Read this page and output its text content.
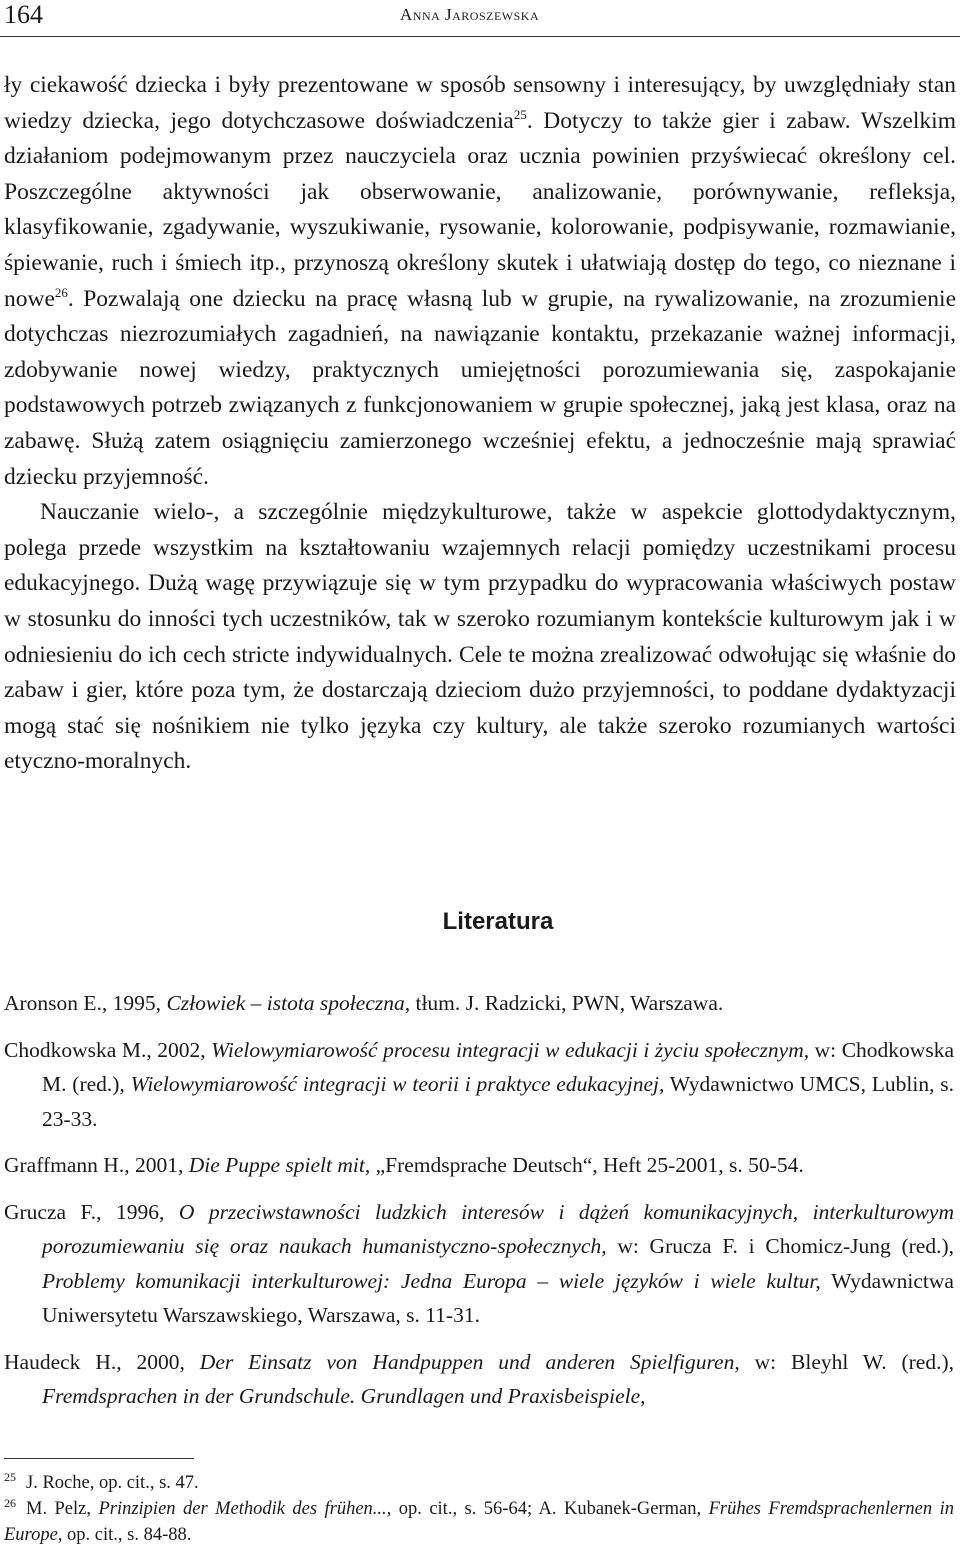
164	Anna Jaroszewska

ły ciekawość dziecka i były prezentowane w sposób sensowny i interesujący, by uwzględniały stan wiedzy dziecka, jego dotychczasowe doświadczenia$^{25}$. Dotyczy to także gier i zabaw. Wszelkim działaniom podejmowanym przez nauczyciela oraz ucznia powinien przyświecać określony cel. Poszczególne aktywności jak obserwowanie, analizowanie, porównywanie, refleksja, klasyfikowanie, zgadywanie, wyszukiwanie, rysowanie, kolorowanie, podpisywanie, rozmawianie, śpiewanie, ruch i śmiech itp., przynoszą określony skutek i ułatwiają dostęp do tego, co nieznane i nowe$^{26}$. Pozwalają one dziecku na pracę własną lub w grupie, na rywalizowanie, na zrozumienie dotychczas niezrozumiałych zagadnień, na nawiązanie kontaktu, przekazanie ważnej informacji, zdobywanie nowej wiedzy, praktycznych umiejętności porozumiewania się, zaspokajanie podstawowych potrzeb związanych z funkcjonowaniem w grupie społecznej, jaką jest klasa, oraz na zabawę. Służą zatem osiągnięciu zamierzonego wcześniej efektu, a jednocześnie mają sprawiać dziecku przyjemność.

Nauczanie wielo-, a szczególnie międzykulturowe, także w aspekcie glottodydaktycznym, polega przede wszystkim na kształtowaniu wzajemnych relacji pomiędzy uczestnikami procesu edukacyjnego. Dużą wagę przywiązuje się w tym przypadku do wypracowania właściwych postaw w stosunku do inności tych uczestników, tak w szeroko rozumianym kontekście kulturowym jak i w odniesieniu do ich cech stricte indywidualnych. Cele te można zrealizować odwołując się właśnie do zabaw i gier, które poza tym, że dostarczają dzieciom dużo przyjemności, to poddane dydaktyzacji mogą stać się nośnikiem nie tylko języka czy kultury, ale także szeroko rozumianych wartości etyczno-moralnych.

Literatura

Aronson E., 1995, Człowiek – istota społeczna, tłum. J. Radzicki, PWN, Warszawa.

Chodkowska M., 2002, Wielowymiarowość procesu integracji w edukacji i życiu społecznym, w: Chodkowska M. (red.), Wielowymiarowość integracji w teorii i praktyce edukacyjnej, Wydawnictwo UMCS, Lublin, s. 23-33.

Graffmann H., 2001, Die Puppe spielt mit, „Fremdsprache Deutsch“, Heft 25-2001, s. 50-54.

Grucza F., 1996, O przeciwstawności ludzkich interesów i dążeń komunikacyjnych, interkulturowym porozumiewaniu się oraz naukach humanistyczno-społecznych, w: Grucza F. i Chomicz-Jung (red.), Problemy komunikacji interkulturowej: Jedna Europa – wiele języków i wiele kultur, Wydawnictwa Uniwersytetu Warszawskiego, Warszawa, s. 11-31.

Haudeck H., 2000, Der Einsatz von Handpuppen und anderen Spielfiguren, w: Bleyhl W. (red.), Fremdsprachen in der Grundschule. Grundlagen und Praxisbeispiele,

$^{25}$ J. Roche, op. cit., s. 47.

$^{26}$ M. Pelz, Prinzipien der Methodik des frühen..., op. cit., s. 56-64; A. Kubanek-German, Frühes Fremdsprachenlernen in Europe, op. cit., s. 84-88.
